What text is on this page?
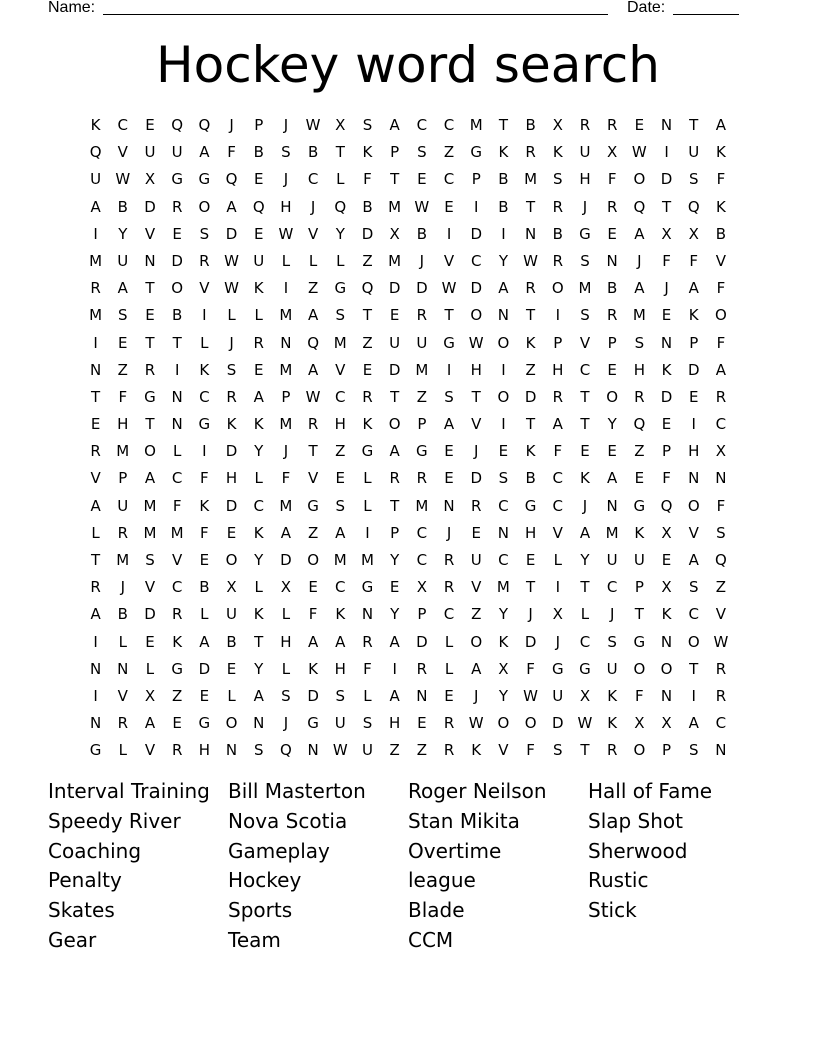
Name:	Date:
Hockey word search
K	C	E	Q	Q	J	P	J	W X	S	A	C	C	M	T	B	X	R	R	E	N	T	A
Q	V	U	U	A	F	B	S	B	T	K	P	S	Z	G	K	R	K	U	X W	I	U	K
U W X	G	G	Q	E	J	C	L	F	T	E	C	P	B	M	S	H	F	O	D	S	F
A	B	D	R	O	A	Q	H	J	Q	B	M W	E	I	B	T	R	J	R	Q	T	Q	K
I	Y	V	E	S	D	E	W V	Y	D	X	B	I	D	I	N	B	G	E	A	X	X	B
M	U	N	D	R W U	L	L	L	Z	M	J	V	C	Y	W R	S	N	J	F	F	V
R	A	T	O	V W K	I	Z	G	Q	D	D W D	A	R	O M	B	A	J	A	F
M	S	E	B	I	L	L	M	A	S	T	E	R	T	O	N	T	I	S	R	M	E	K	O
I	E	T	T	L	J	R	N	Q M	Z	U	U	G W O	K	P	V	P	S	N	P	F
N	Z	R	I	K	S	E	M	A	V	E	D M	I	H	I	Z	H	C	E	H	K	D	A
T	F	G	N	C	R	A	P	W C	R	T	Z	S	T	O	D	R	T	O	R	D	E	R
E	H	T	N	G	K	K	M	R	H	K	O	P	A	V	I	T	A	T	Y	Q	E	I	C
R	M O	L	I	D	Y	J	T	Z	G	A	G	E	J	E	K	F	E	E	Z	P	H	X
V	P	A	C	F	H	L	F	V	E	L	R	R	E	D	S	B	C	K	A	E	F	N	N
A	U	M	F	K	D	C	M G	S	L	T	M	N	R	C	G	C	J	N	G	Q	O	F
L	R	M M	F	E	K	A	Z	A	I	P	C	J	E	N	H	V	A	M	K	X	V	S
T	M	S	V	E	O	Y	D	O M M	Y	C	R	U	C	E	L	Y	U	U	E	A	Q
R	J	V	C	B	X	L	X	E	C	G	E	X	R	V	M	T	I	T	C	P	X	S	Z
A	B	D	R	L	U	K	L	F	K	N	Y	P	C	Z	Y	J	X	L	J	T	K	C	V
I	L	E	K	A	B	T	H	A	A	R	A	D	L	O	K	D	J	C	S	G	N	O W
N	N	L	G	D	E	Y	L	K	H	F	I	R	L	A	X	F	G	G	U	O	O	T	R
I	V	X	Z	E	L	A	S	D	S	L	A	N	E	J	Y	W U	X	K	F	N	I	R
N	R	A	E	G	O	N	J	G	U	S	H	E	R W O	O	D W K	X	X	A	C
G	L	V	R	H	N	S	Q	N W U	Z	Z	R	K	V	F	S	T	R	O	P	S	N
Interval Training
Speedy River
Coaching
Penalty
Skates
Gear
Bill Masterton
Nova Scotia
Gameplay
Hockey
Sports
Team
Roger Neilson
Stan Mikita
Overtime
league
Blade
CCM
Hall of Fame
Slap Shot
Sherwood
Rustic
Stick
